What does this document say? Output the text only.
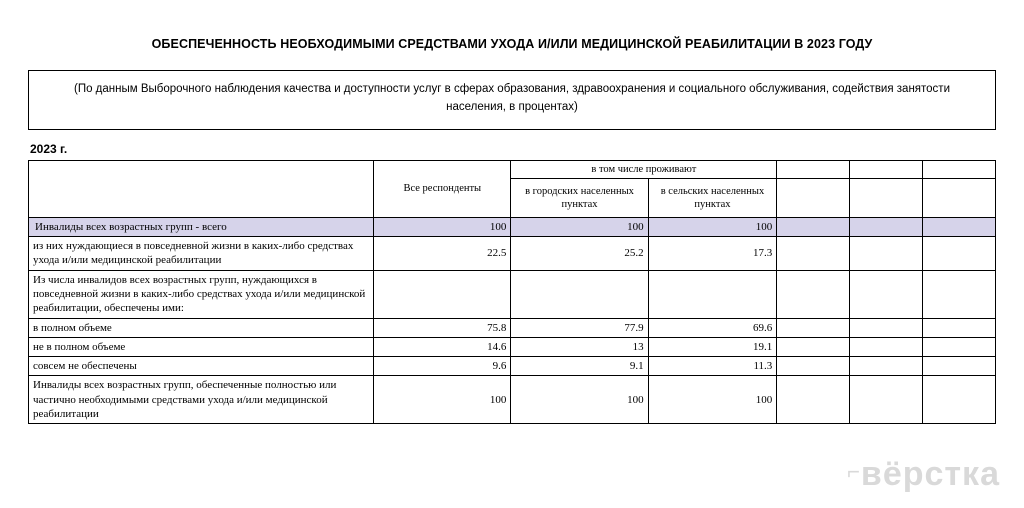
ОБЕСПЕЧЕННОСТЬ НЕОБХОДИМЫМИ СРЕДСТВАМИ УХОДА И/ИЛИ МЕДИЦИНСКОЙ РЕАБИЛИТАЦИИ В 2023 ГОДУ
(По данным Выборочного наблюдения качества и доступности услуг в сферах образования, здравоохранения и социального обслуживания, содействия занятости населения, в процентах)
2023 г.
	Все респонденты	в том числе проживают				
		в городских населенных пунктах	в сельских населенных пунктах			
Инвалиды всех возрастных групп - всего	100	100	100			
из них нуждающиеся в повседневной жизни в каких-либо средствах ухода и/или медицинской реабилитации	22.5	25.2	17.3			
Из числа инвалидов всех возрастных групп, нуждающихся в повседневной жизни в каких-либо средствах ухода и/или медицинской реабилитации, обеспечены ими:						
в полном объеме	75.8	77.9	69.6			
не в полном объеме	14.6	13	19.1			
совсем не обеспечены	9.6	9.1	11.3			
Инвалиды всех возрастных групп, обеспеченные полностью или частично необходимыми средствами ухода и/или медицинской реабилитации	100	100	100			
⌐вёрстка
